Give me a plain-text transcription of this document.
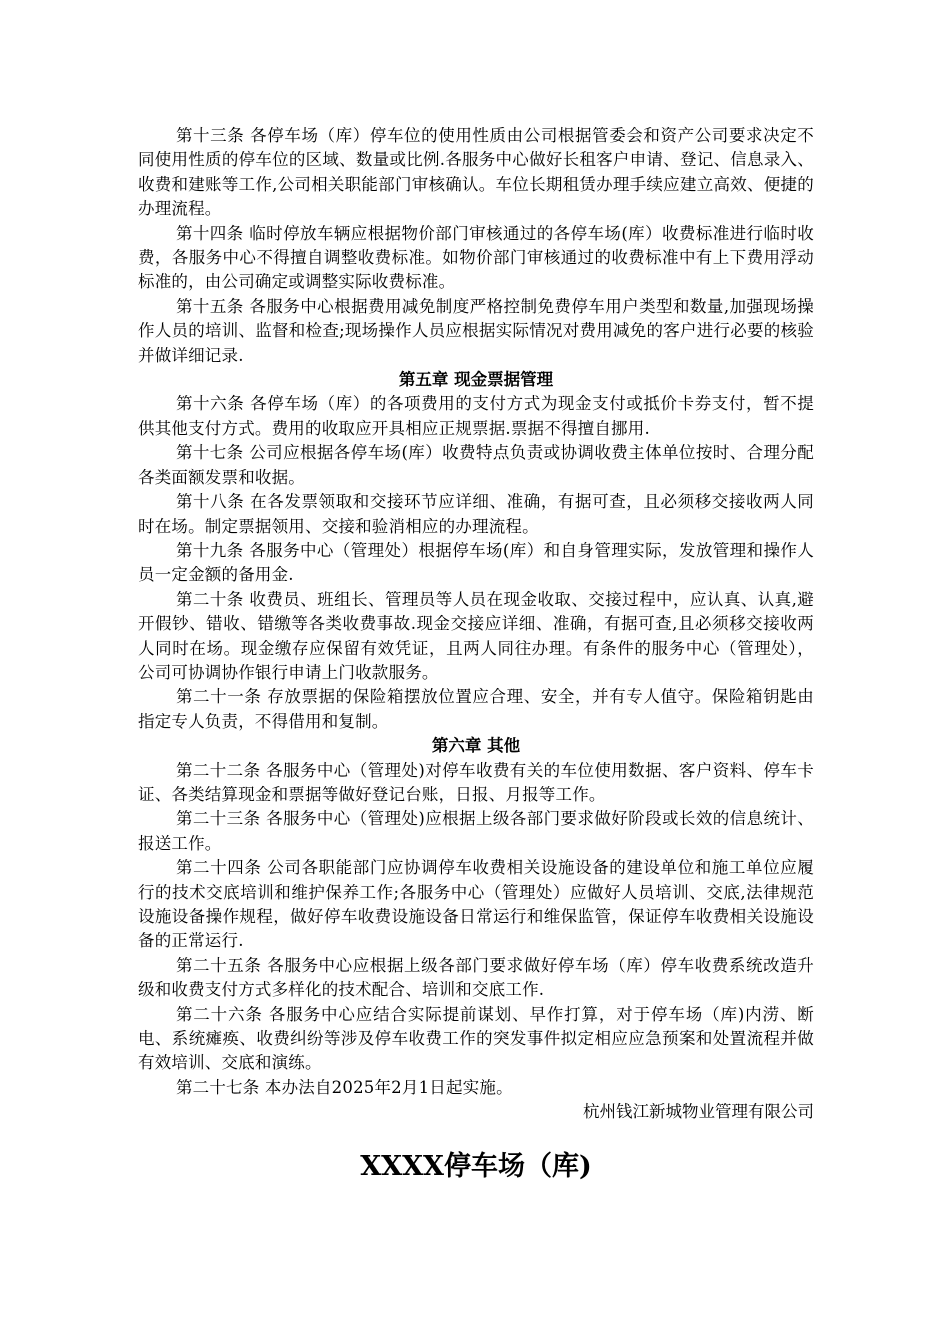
第十三条 各停车场（库）停车位的使用性质由公司根据管委会和资产公司要求决定不同使用性质的停车位的区域、数量或比例.各服务中心做好长租客户申请、登记、信息录入、收费和建账等工作,公司相关职能部门审核确认。车位长期租赁办理手续应建立高效、便捷的办理流程。

第十四条 临时停放车辆应根据物价部门审核通过的各停车场(库）收费标准进行临时收费，各服务中心不得擅自调整收费标准。如物价部门审核通过的收费标准中有上下费用浮动标准的，由公司确定或调整实际收费标准。

第十五条 各服务中心根据费用减免制度严格控制免费停车用户类型和数量,加强现场操作人员的培训、监督和检查;现场操作人员应根据实际情况对费用减免的客户进行必要的核验并做详细记录.

第五章 现金票据管理

第十六条 各停车场（库）的各项费用的支付方式为现金支付或抵价卡券支付，暂不提供其他支付方式。费用的收取应开具相应正规票据.票据不得擅自挪用.

第十七条 公司应根据各停车场(库）收费特点负责或协调收费主体单位按时、合理分配各类面额发票和收据。

第十八条 在各发票领取和交接环节应详细、准确，有据可查，且必须移交接收两人同时在场。制定票据领用、交接和验消相应的办理流程。

第十九条 各服务中心（管理处）根据停车场(库）和自身管理实际，发放管理和操作人员一定金额的备用金.

第二十条 收费员、班组长、管理员等人员在现金收取、交接过程中，应认真、认真,避开假钞、错收、错缴等各类收费事故.现金交接应详细、准确，有据可查,且必须移交接收两人同时在场。现金缴存应保留有效凭证，且两人同往办理。有条件的服务中心（管理处），公司可协调协作银行申请上门收款服务。

第二十一条 存放票据的保险箱摆放位置应合理、安全，并有专人值守。保险箱钥匙由指定专人负责，不得借用和复制。

第六章 其他

第二十二条 各服务中心（管理处)对停车收费有关的车位使用数据、客户资料、停车卡证、各类结算现金和票据等做好登记台账，日报、月报等工作。

第二十三条 各服务中心（管理处)应根据上级各部门要求做好阶段或长效的信息统计、报送工作。

第二十四条 公司各职能部门应协调停车收费相关设施设备的建设单位和施工单位应履行的技术交底培训和维护保养工作;各服务中心（管理处）应做好人员培训、交底,法律规范设施设备操作规程，做好停车收费设施设备日常运行和维保监管，保证停车收费相关设施设备的正常运行.

第二十五条 各服务中心应根据上级各部门要求做好停车场（库）停车收费系统改造升级和收费支付方式多样化的技术配合、培训和交底工作.

第二十六条 各服务中心应结合实际提前谋划、早作打算，对于停车场（库)内涝、断电、系统瘫痪、收费纠纷等涉及停车收费工作的突发事件拟定相应应急预案和处置流程并做有效培训、交底和演练。

第二十七条 本办法自2025年2月1日起实施。

杭州钱江新城物业管理有限公司

XXXX停车场（库)
